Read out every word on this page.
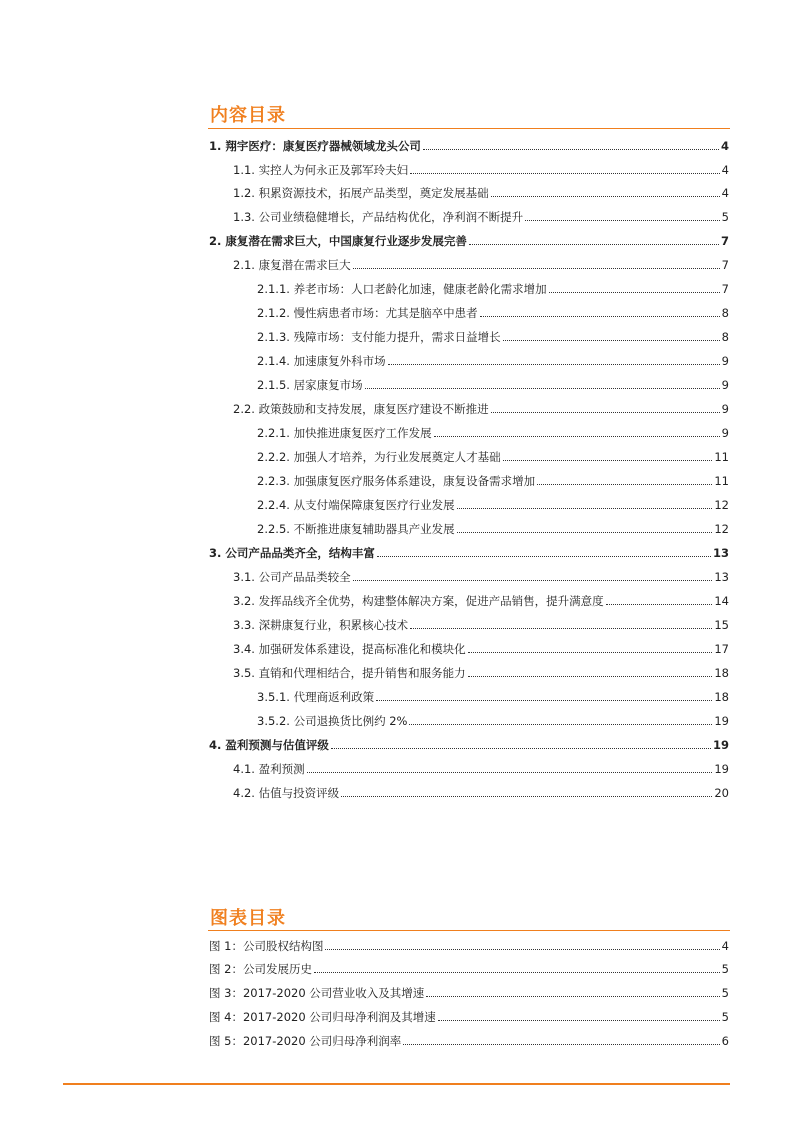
内容目录
1. 翔宇医疗：康复医疗器械领域龙头公司	4
1.1. 实控人为何永正及郭军玲夫妇	4
1.2. 积累资源技术，拓展产品类型，奠定发展基础	4
1.3. 公司业绩稳健增长，产品结构优化，净利润不断提升	5
2. 康复潜在需求巨大，中国康复行业逐步发展完善	7
2.1. 康复潜在需求巨大	7
2.1.1. 养老市场：人口老龄化加速，健康老龄化需求增加	7
2.1.2. 慢性病患者市场：尤其是脑卒中患者	8
2.1.3. 残障市场：支付能力提升，需求日益增长	8
2.1.4. 加速康复外科市场	9
2.1.5. 居家康复市场	9
2.2. 政策鼓励和支持发展，康复医疗建设不断推进	9
2.2.1. 加快推进康复医疗工作发展	9
2.2.2. 加强人才培养，为行业发展奠定人才基础	11
2.2.3. 加强康复医疗服务体系建设，康复设备需求增加	11
2.2.4. 从支付端保障康复医疗行业发展	12
2.2.5. 不断推进康复辅助器具产业发展	12
3. 公司产品品类齐全，结构丰富	13
3.1. 公司产品品类较全	13
3.2. 发挥品线齐全优势，构建整体解决方案，促进产品销售，提升满意度	14
3.3. 深耕康复行业，积累核心技术	15
3.4. 加强研发体系建设，提高标准化和模块化	17
3.5. 直销和代理相结合，提升销售和服务能力	18
3.5.1. 代理商返利政策	18
3.5.2. 公司退换货比例约 2%	19
4. 盈利预测与估值评级	19
4.1. 盈利预测	19
4.2. 估值与投资评级	20
图表目录
图 1：公司股权结构图	4
图 2：公司发展历史	5
图 3：2017-2020 公司营业收入及其增速	5
图 4：2017-2020 公司归母净利润及其增速	5
图 5：2017-2020 公司归母净利润率	6
